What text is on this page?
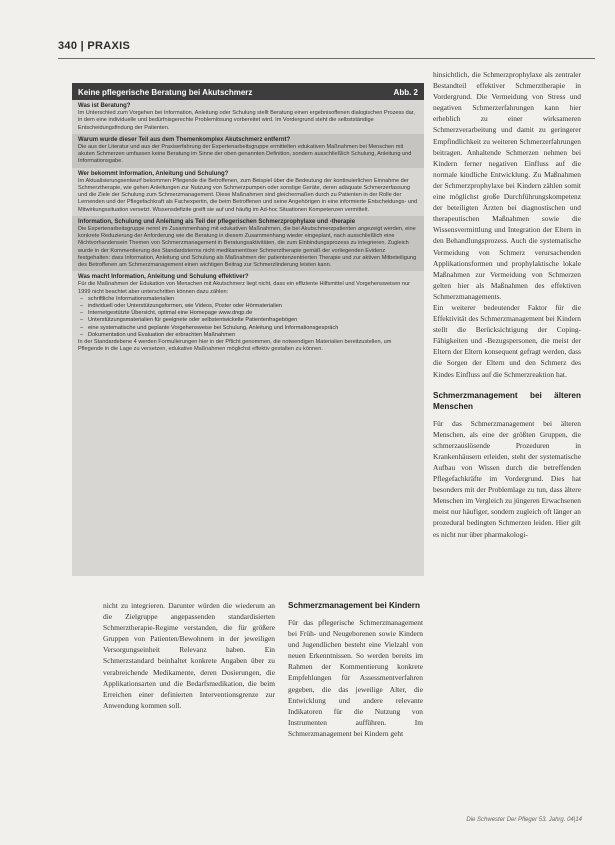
340 | PRAXIS
Keine pflegerische Beratung bei Akutschmerz	Abb. 2
Was ist Beratung?
Im Unterschied zum Vorgehen bei Information, Anleitung oder Schulung stellt Beratung einen ergebnisoffenen dialogischen Prozess dar, in dem eine individuelle und bedürfnisgerechte Problemlösung vorbereitet wird. Im Vordergrund steht die selbstständige Entscheidungsfindung der Patienten.
Warum wurde dieser Teil aus dem Themenkomplex Akutschmerz entfernt?
Die aus der Literatur und aus der Praxiserfahrung der Expertenarbeitsgruppe ermittelten edukativen Maßnahmen bei Menschen mit akuten Schmerzen umfassen keine Beratung im Sinne der oben genannten Definition, sondern ausschließlich Schulung, Anleitung und Informationsgabe.
Wer bekommt Information, Anleitung und Schulung?
Im Aktualisierungsentwurf bekommen Pflegende die Betroffenen, zum Beispiel über die Bedeutung der kontinuierlichen Einnahme der Schmerztherapie, wie gehen Anleitungen zur Nutzung von Schmerzpumpen oder sonstige Geräte, deren adäquate Schmerzerfassung und die Ziele der Schulung zum Schmerzmanagement. Diese Maßnahmen sind gleichermaßen durch zu Patienten in der Rolle der Lernenden und der Pflegefachkraft als Fachexpertin, die beim Betroffenen und seine Angehörigen in eine informierte Entscheidungs- und Mitwirkungssituation versetzt. Wissensdefizite greift sie auf und häufig im Ad-hoc Situationen Kompetenzen vermittelt.
Information, Schulung und Anleitung als Teil der pflegerischen Schmerzprophylaxe und -therapie
Die Expertenarbeitsgruppe nennt im Zusammenhang mit edukativen Maßnahmen, die bei Akutschmerzpatienten angezeigt werden, eine konkrete Reduzierung der Anforderung wie die Beratung in diesem Zusammenhang wieder eingeplant, nach ausschließlich eine Nichtvorhandensein Themen von Schmerzmanagement in Beratungsaktivitäten, die zum Einbindungsprozess zu integrieren. Zugleich wurde in der Kommentierung des Standardsterms nicht medikamentöser Schmerztherapie gemäß der vorliegenden Evidenz festgehalten: dass Information, Anleitung und Schulung als Maßnahmen der patientenzentrierten Therapie und zur aktiven Mitbeteiligung des Betroffenen am Schmerzmanagement einen wichtigen Beitrag zur Schmerzlinderung leisten kann.
Was macht Information, Anleitung und Schulung effektiver?
Für die Maßnahmen der Edukation von Menschen mit Akutschmerz liegt nicht, dass ein effiziente Hilfsmittel und Vorgehensweisen nur 1999 nicht beachtet aber unterschritten können dazu zählen:
– schriftliche Informationsmaterialien
– individuell oder Unterstützungsformen, wie Videos, Poster oder Hörmaterialien
– Internetgestützte Übersicht, optimal eine Homepage www.dnqp.de
– Unterstützungsmaterialien für geeignete oder selbstentwickelte Patientenfragebögen
– eine systematische und geplante Vorgehensweise bei Schulung, Anleitung und Informationsgespräch
– Dokumentation und Evaluation der erbrachten Maßnahmen
In der Standardebene 4 werden Formulierungen hier in der Pflicht genommen, die notwendigen Materialien bereitzustellen, um Pflegende in die Lage zu versetzen, edukative Maßnahmen möglichst effektiv gestalten zu können.
nicht zu integrieren. Darunter würden die wiederum an die Zielgruppe angepassenden standardisierten Schmerztherapie-Regime verstanden, die für größere Gruppen von Patienten/Bewohnern in der jeweiligen Versorgungseinheit Relevanz haben. Ein Schmerzstandard beinhaltet konkrete Angaben über zu verabreichende Medikamente, deren Dosierungen, die Applikationsarten und die Bedarfsmedikation, die beim Erreichen einer definierten Interventionsgrenze zur Anwendung kommen soll.
Schmerzmanagement bei Kindern
Für das pflegerische Schmerzmanagement bei Früh- und Neugeborenen sowie Kindern und Jugendlichen besteht eine Vielzahl von neuen Erkenntnissen. So werden bereits im Rahmen der Kommentierung konkrete Empfehlungen für Assessmentverfahren gegeben, die das jeweilige Alter, die Entwicklung und andere relevante Indikatoren für die Nutzung von Instrumenten aufführen. Im Schmerzmanagement bei Kindern geht
hinsichtlich, die Schmerzprophylaxe als zentraler Bestandteil effektiver Schmerztherapie in Vordergrund. Die Vermeidung von Stress und negativen Schmerzerfahrungen kann hier erheblich zu einer wirksameren Schmerzverarbeitung und damit zu geringerer Empfindlichkeit zu weiteren Schmerzerfahrungen beitragen. Anhaltende Schmerzen nehmen bei Kindern ferner negativen Einfluss auf die normale kindliche Entwicklung. Zu Maßnahmen der Schmerzprophylaxe bei Kindern zählen somit eine möglichst große Durchführungskompetenz der beteiligten Ärzten bei diagnostischen und therapeutischen Maßnahmen sowie die Wissensvermittlung und Integration der Eltern in den Behandlungsprozess. Auch die systematische Vermeidung von Schmerz verursachenden Applikationsformen und prophylaktische lokale Maßnahmen zur Vermeidung von Schmerzen gelten hier als Maßnahmen des effektiven Schmerzmanagements.
Ein weiterer bedeutender Faktor für die Effektivität des Schmerzmanagement bei Kindern stellt die Berücksichtigung der Coping-Fähigkeiten und -Bezugspersonen, die meist der Eltern der Eltern konsequent gefragt werden, dass die Sorgen der Eltern und den Schmerz des Kindes Einfluss auf die Schmerzreaktion hat.
Schmerzmanagement bei älteren Menschen
Für das Schmerzmanagement bei älteren Menschen, als eine der größten Gruppen, die schmerzauslösende Prozeduren in Krankenhäusern erleiden, steht der systematische Aufbau von Wissen durch die betreffenden Pflegefachkräfte im Vordergrund. Dies hat besonders mit der Problemlage zu tun, dass ältere Menschen im Vergleich zu jüngeren Erwachsenen meist nur häufiger, sondern zugleich oft länger an prozedural bedingten Schmerzen leiden. Hier gilt es nicht nur über pharmakologi-
Die Schwester Der Pfleger 53. Jahrg. 04|14
